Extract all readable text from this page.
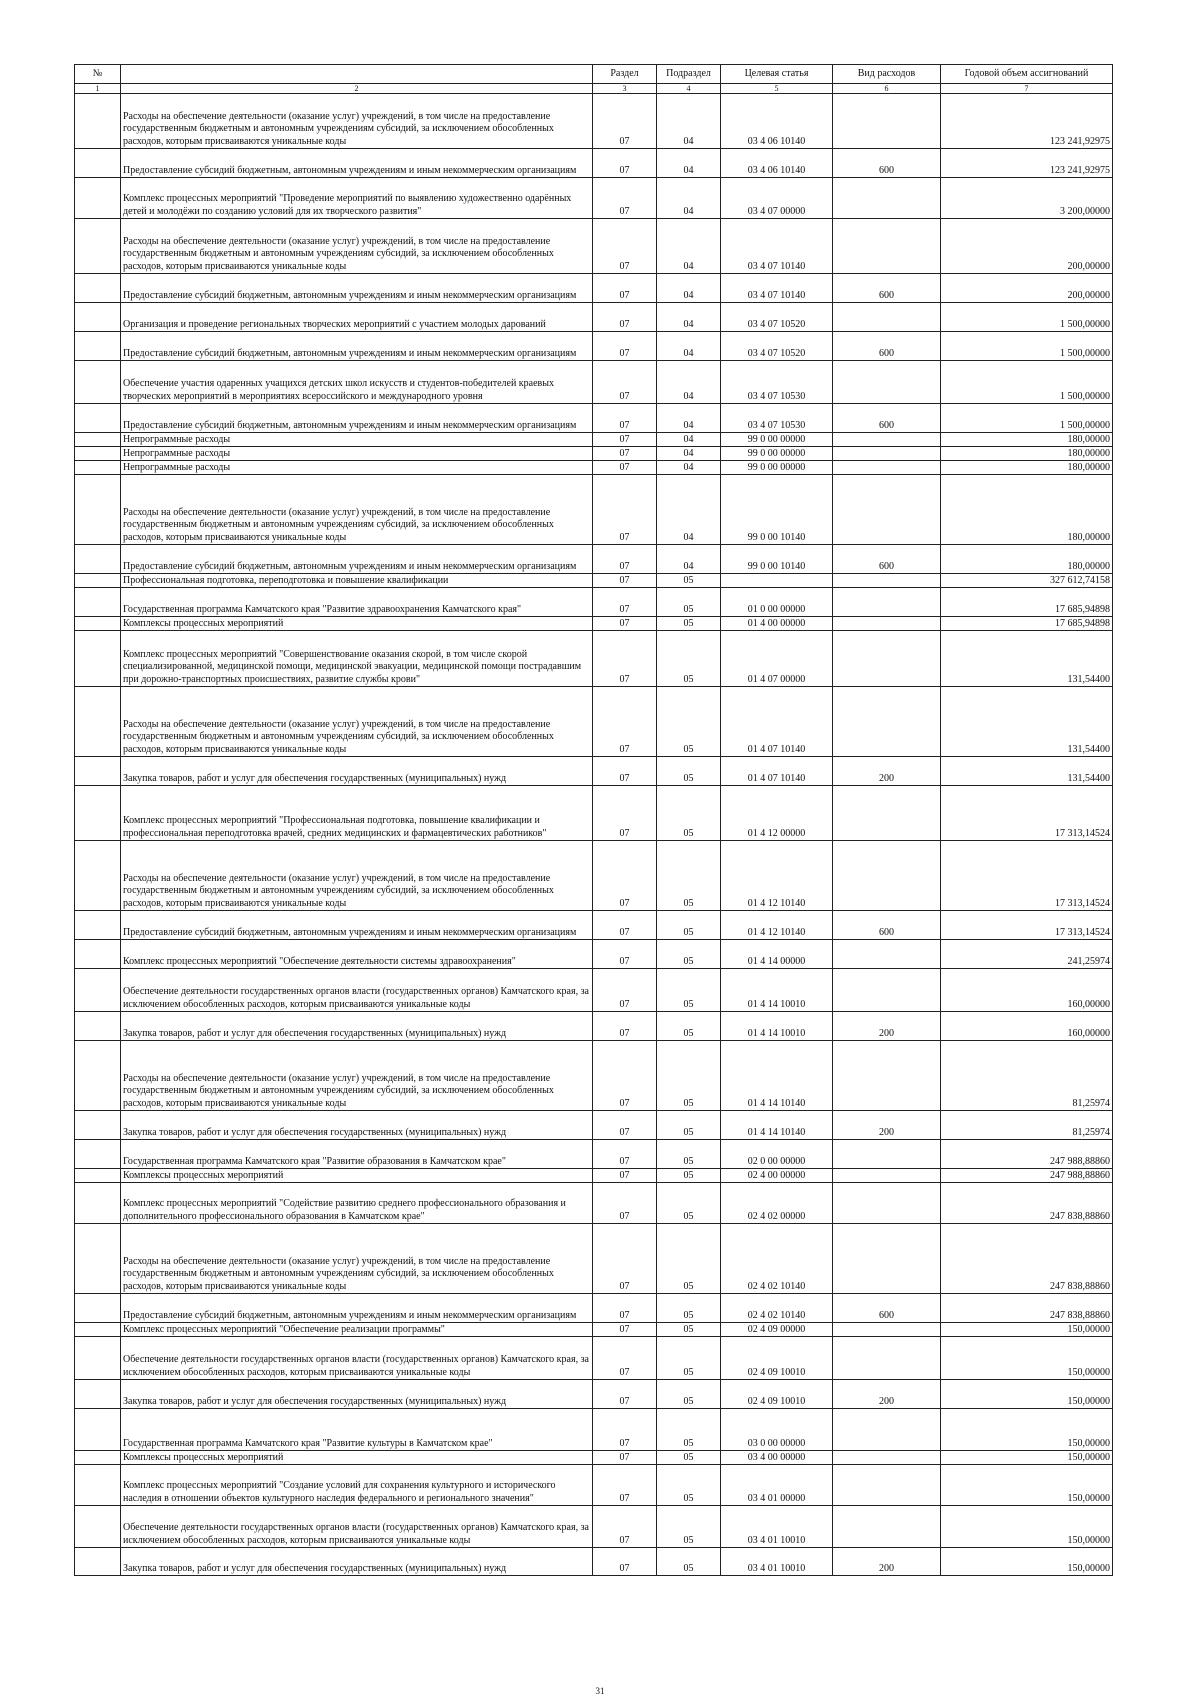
№		Раздел	Подраздел	Целевая статья	Вид расходов	Годовой объем ассигнований
1	2	3	4	5	6	7
	Расходы на обеспечение деятельности (оказание услуг) учреждений, в том числе на предоставление государственным бюджетным и автономным учреждениям субсидий, за исключением обособленных расходов, которым присваиваются уникальные коды	07	04	03 4 06 10140		123 241,92975
	Предоставление субсидий бюджетным, автономным учреждениям и иным некоммерческим организациям	07	04	03 4 06 10140	600	123 241,92975
	Комплекс процессных мероприятий "Проведение мероприятий по выявлению художественно одарённых детей и молодёжи по созданию условий для их творческого развития"	07	04	03 4 07 00000		3 200,00000
	Расходы на обеспечение деятельности (оказание услуг) учреждений, в том числе на предоставление государственным бюджетным и автономным учреждениям субсидий, за исключением обособленных расходов, которым присваиваются уникальные коды	07	04	03 4 07 10140		200,00000
	Предоставление субсидий бюджетным, автономным учреждениям и иным некоммерческим организациям	07	04	03 4 07 10140	600	200,00000
	Организация и проведение региональных творческих мероприятий с участием молодых дарований	07	04	03 4 07 10520		1 500,00000
	Предоставление субсидий бюджетным, автономным учреждениям и иным некоммерческим организациям	07	04	03 4 07 10520	600	1 500,00000
	Обеспечение участия одаренных учащихся детских школ искусств и студентов-победителей краевых творческих мероприятий в мероприятиях всероссийского и международного уровня	07	04	03 4 07 10530		1 500,00000
	Предоставление субсидий бюджетным, автономным учреждениям и иным некоммерческим организациям	07	04	03 4 07 10530	600	1 500,00000
	Непрограммные расходы	07	04	99 0 00 00000		180,00000
	Непрограммные расходы	07	04	99 0 00 00000		180,00000
	Непрограммные расходы	07	04	99 0 00 00000		180,00000
	Расходы на обеспечение деятельности (оказание услуг) учреждений, в том числе на предоставление государственным бюджетным и автономным учреждениям субсидий, за исключением обособленных расходов, которым присваиваются уникальные коды	07	04	99 0 00 10140		180,00000
	Предоставление субсидий бюджетным, автономным учреждениям и иным некоммерческим организациям	07	04	99 0 00 10140	600	180,00000
	Профессиональная подготовка, переподготовка и повышение квалификации	07	05			327 612,74158
	Государственная программа Камчатского края "Развитие здравоохранения Камчатского края"	07	05	01 0 00 00000		17 685,94898
	Комплексы процессных мероприятий	07	05	01 4 00 00000		17 685,94898
	Комплекс процессных мероприятий "Совершенствование оказания скорой, в том числе скорой специализированной, медицинской помощи, медицинской эвакуации, медицинской помощи пострадавшим при дорожно-транспортных происшествиях, развитие службы крови"	07	05	01 4 07 00000		131,54400
	Расходы на обеспечение деятельности (оказание услуг) учреждений, в том числе на предоставление государственным бюджетным и автономным учреждениям субсидий, за исключением обособленных расходов, которым присваиваются уникальные коды	07	05	01 4 07 10140		131,54400
	Закупка товаров, работ и услуг для обеспечения государственных (муниципальных) нужд	07	05	01 4 07 10140	200	131,54400
	Комплекс процессных мероприятий "Профессиональная подготовка, повышение квалификации и профессиональная переподготовка врачей, средних медицинских и фармацевтических работников"	07	05	01 4 12 00000		17 313,14524
	Расходы на обеспечение деятельности (оказание услуг) учреждений, в том числе на предоставление государственным бюджетным и автономным учреждениям субсидий, за исключением обособленных расходов, которым присваиваются уникальные коды	07	05	01 4 12 10140		17 313,14524
	Предоставление субсидий бюджетным, автономным учреждениям и иным некоммерческим организациям	07	05	01 4 12 10140	600	17 313,14524
	Комплекс процессных мероприятий "Обеспечение деятельности системы здравоохранения"	07	05	01 4 14 00000		241,25974
	Обеспечение деятельности государственных органов власти (государственных органов) Камчатского края, за исключением обособленных расходов, которым присваиваются уникальные коды	07	05	01 4 14 10010		160,00000
	Закупка товаров, работ и услуг для обеспечения государственных (муниципальных) нужд	07	05	01 4 14 10010	200	160,00000
	Расходы на обеспечение деятельности (оказание услуг) учреждений, в том числе на предоставление государственным бюджетным и автономным учреждениям субсидий, за исключением обособленных расходов, которым присваиваются уникальные коды	07	05	01 4 14 10140		81,25974
	Закупка товаров, работ и услуг для обеспечения государственных (муниципальных) нужд	07	05	01 4 14 10140	200	81,25974
	Государственная программа Камчатского края "Развитие образования в Камчатском крае"	07	05	02 0 00 00000		247 988,88860
	Комплексы процессных мероприятий	07	05	02 4 00 00000		247 988,88860
	Комплекс процессных мероприятий "Содействие развитию среднего профессионального образования и дополнительного профессионального образования в Камчатском крае"	07	05	02 4 02 00000		247 838,88860
	Расходы на обеспечение деятельности (оказание услуг) учреждений, в том числе на предоставление государственным бюджетным и автономным учреждениям субсидий, за исключением обособленных расходов, которым присваиваются уникальные коды	07	05	02 4 02 10140		247 838,88860
	Предоставление субсидий бюджетным, автономным учреждениям и иным некоммерческим организациям	07	05	02 4 02 10140	600	247 838,88860
	Комплекс процессных мероприятий "Обеспечение реализации программы"	07	05	02 4 09 00000		150,00000
	Обеспечение деятельности государственных органов власти (государственных органов) Камчатского края, за исключением обособленных расходов, которым присваиваются уникальные коды	07	05	02 4 09 10010		150,00000
	Закупка товаров, работ и услуг для обеспечения государственных (муниципальных) нужд	07	05	02 4 09 10010	200	150,00000
	Государственная программа Камчатского края "Развитие культуры в Камчатском крае"	07	05	03 0 00 00000		150,00000
	Комплексы процессных мероприятий	07	05	03 4 00 00000		150,00000
	Комплекс процессных мероприятий "Создание условий для сохранения культурного и исторического наследия в отношении объектов культурного наследия федерального и регионального значения"	07	05	03 4 01 00000		150,00000
	Обеспечение деятельности государственных органов власти (государственных органов) Камчатского края, за исключением обособленных расходов, которым присваиваются уникальные коды	07	05	03 4 01 10010		150,00000
	Закупка товаров, работ и услуг для обеспечения государственных (муниципальных) нужд	07	05	03 4 01 10010	200	150,00000
31
